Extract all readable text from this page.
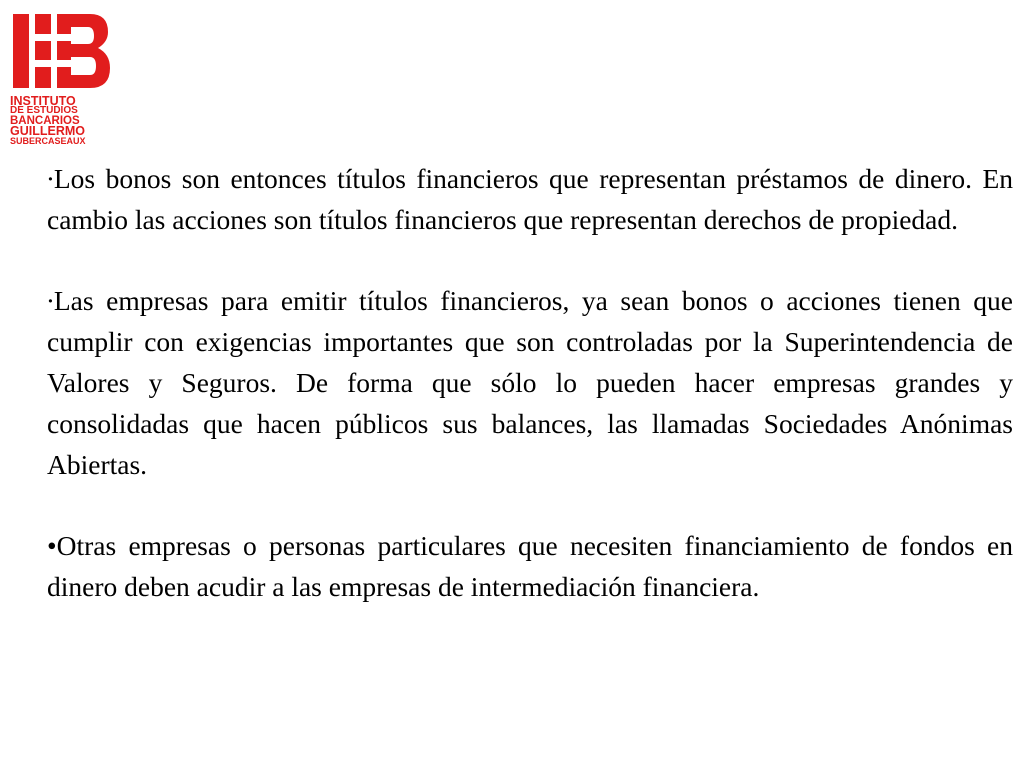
INSTITUTO
DE ESTUDIOS
BANCARIOS
GUILLERMO
SUBERCASEAUX

∙Los bonos son entonces títulos financieros que representan préstamos de dinero. En cambio las acciones son títulos financieros que representan derechos de propiedad.

∙Las empresas para emitir títulos financieros, ya sean bonos o acciones tienen que cumplir con exigencias importantes que son controladas por la Superintendencia de Valores y Seguros. De forma que sólo lo pueden hacer empresas grandes y consolidadas que hacen públicos sus balances, las llamadas Sociedades Anónimas Abiertas.

•Otras empresas o personas particulares que necesiten financiamiento de fondos en dinero deben acudir a las empresas de intermediación financiera.
